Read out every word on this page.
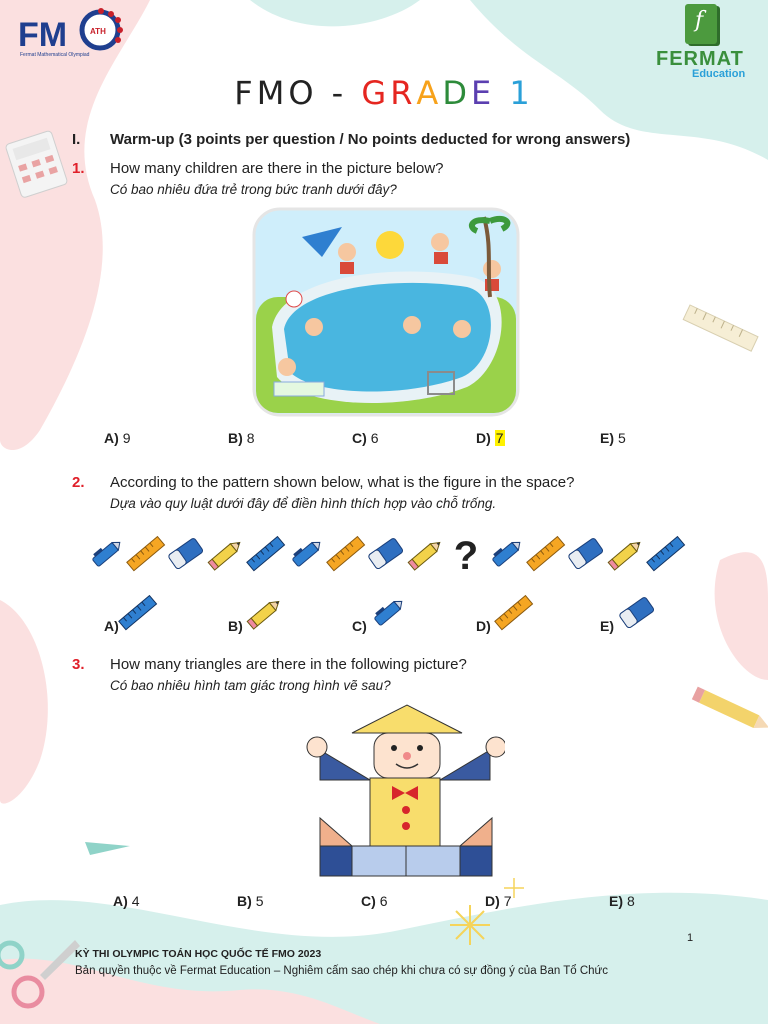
FM	ATH
Fermat Mathematical Olympiad
f
FERMAT
Education
FMO - GRADE 1
I. Warm-up (3 points per question / No points deducted for wrong answers)
1. How many children are there in the picture below?
Có bao nhiêu đứa trẻ trong bức tranh dưới đây?
A) 9	B) 8	C) 6	D) 7	E) 5
2. According to the pattern shown below, what is the figure in the space?
Dựa vào quy luật dưới đây để điền hình thích hợp vào chỗ trống.
?
A)	B)	C)	D)	E)
3. How many triangles are there in the following picture?
Có bao nhiêu hình tam giác trong hình vẽ sau?
A) 4	B) 5	C) 6	D) 7	E) 8
1
KỲ THI OLYMPIC TOÁN HỌC QUỐC TẾ FMO 2023
Bản quyền thuộc về Fermat Education – Nghiêm cấm sao chép khi chưa có sự đồng ý của Ban Tổ Chức
